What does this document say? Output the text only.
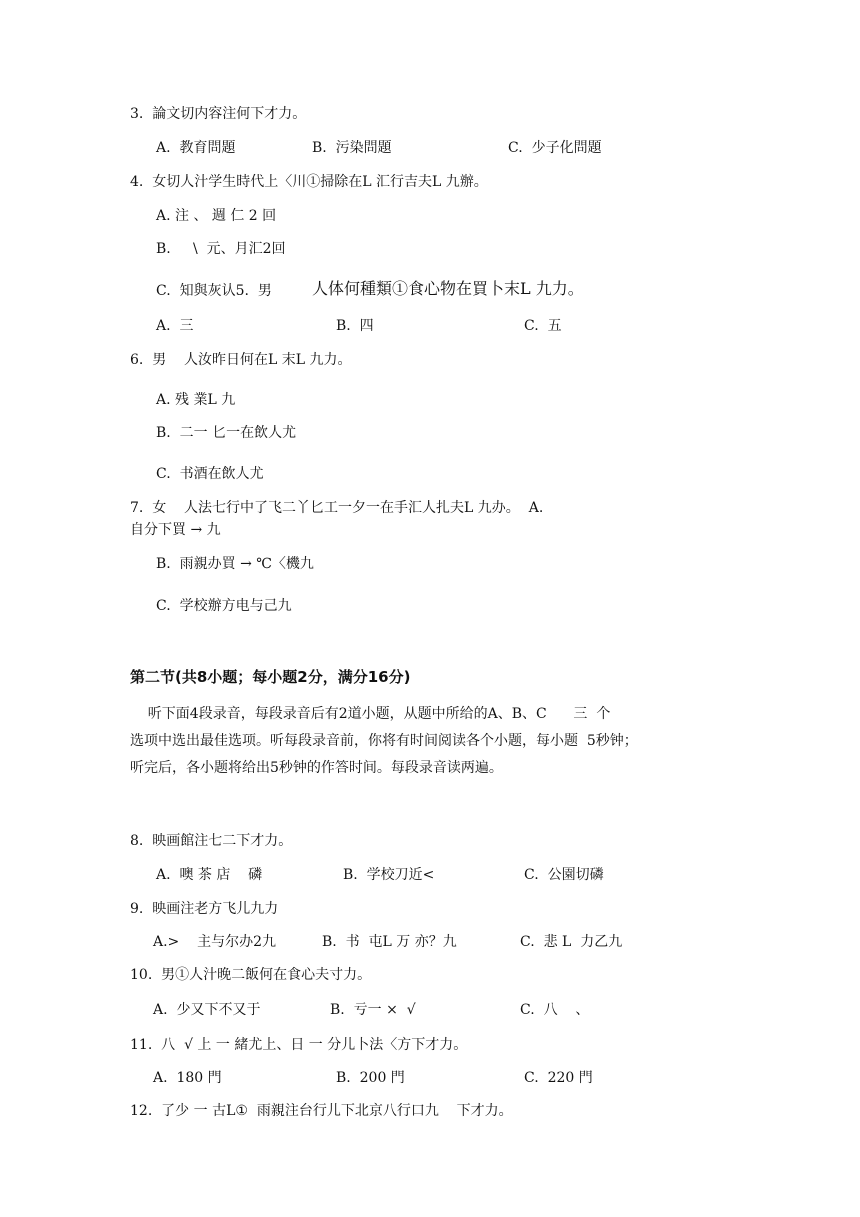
3.  論文切内容注何下才力。
A.  教育問題	B.  污染問題	C.  少子化問題
4.  女切人汁学生時代上〈川①掃除在L 汇行吉夫L 九辦。
A. 注 、 週 仁 2 回
B.     \  元、月汇2回
C.  知與灰认5.  男	人体何種類①食心物在買卜末L 九力。
A.  三	B.  四	C.  五
6.  男    人汝昨日何在L 末L 九力。
A. 残 業L 九
B.  二一 匕一在飲人尤
C.  书酒在飲人尤
7.  女    人法七行中了飞二丫匕工一夕一在手汇人扎夫L 九办。  A.
自分下買 → 九
B.  雨親办買 → ℃〈機九
C.  学校辦方电与己九
第二节(共8小题；每小题2分，满分16分)

听下面4段录音，每段录音后有2道小题，从题中所给的A、B、C      三  个

选项中选出最佳选项。听每段录音前，你将有时间阅读各个小题，每小题  5秒钟；

听完后，各小题将给出5秒钟的作答时间。每段录音读两遍。

8.  映画館注七二下才力。
A.  噢 茶 店    磷	B.  学校刀近<	C.  公園切磷
9.  映画注老方飞儿九力
A.>    主与尔办2九	B.  书  屯L 万 亦？九	C.  悲 L  力乙九
10.  男①人汁晚二飯何在食心夫寸力。
A.  少又下不又于	B.  亏一 ×  √	C.  八    、
11.  八  √ 上 一 緒尤上、日 一 分儿卜法〈方下才力。
A.  180 門	B.  200 門	C.  220 門
12.  了少 一 古L①  雨親注台行儿下北京八行口九    下才力。
